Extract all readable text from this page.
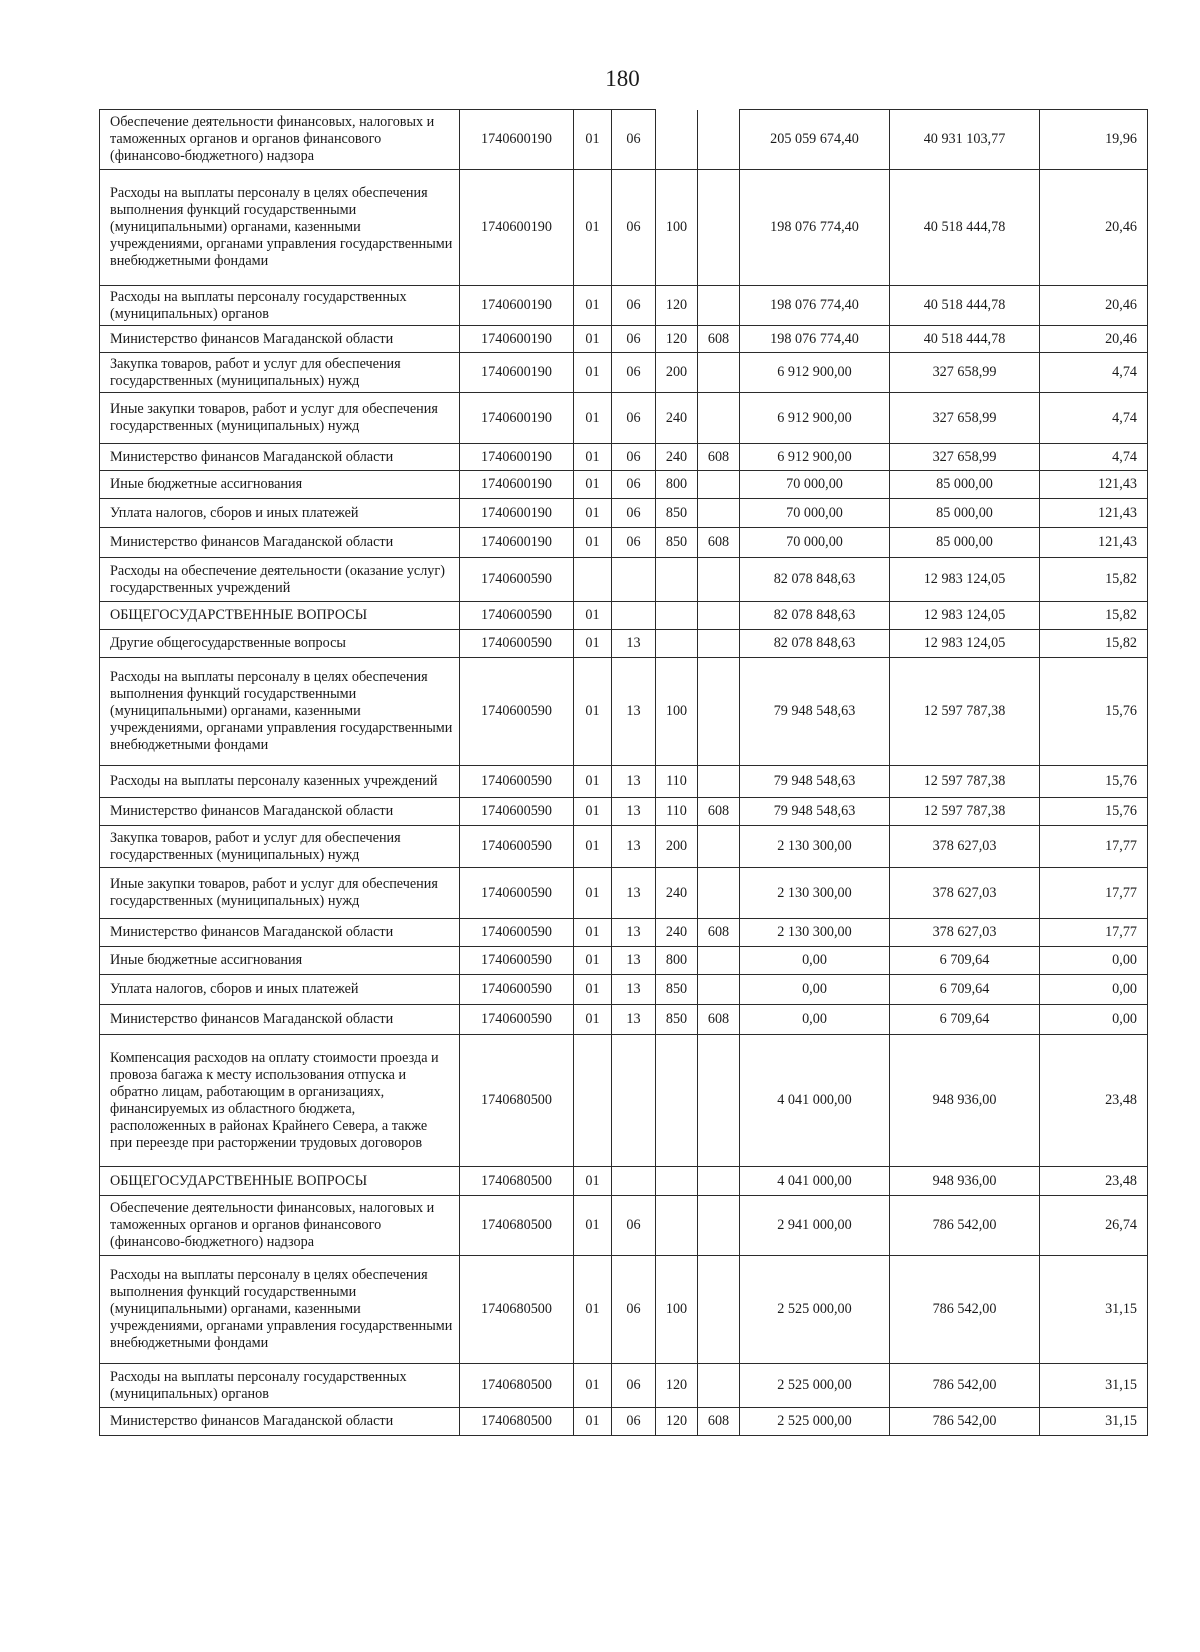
180
Обеспечение деятельности финансовых, налоговых и таможенных органов и органов финансового (финансово-бюджетного) надзора	1740600190	01	06			205 059 674,40	40 931 103,77	19,96
Расходы на выплаты персоналу в целях обеспечения выполнения функций государственными (муниципальными) органами, казенными учреждениями, органами управления государственными внебюджетными фондами	1740600190	01	06	100		198 076 774,40	40 518 444,78	20,46
Расходы на выплаты персоналу государственных (муниципальных) органов	1740600190	01	06	120		198 076 774,40	40 518 444,78	20,46
Министерство финансов Магаданской области	1740600190	01	06	120	608	198 076 774,40	40 518 444,78	20,46
Закупка товаров, работ и услуг для обеспечения государственных (муниципальных) нужд	1740600190	01	06	200		6 912 900,00	327 658,99	4,74
Иные закупки товаров, работ и услуг для обеспечения государственных (муниципальных) нужд	1740600190	01	06	240		6 912 900,00	327 658,99	4,74
Министерство финансов Магаданской области	1740600190	01	06	240	608	6 912 900,00	327 658,99	4,74
Иные бюджетные ассигнования	1740600190	01	06	800		70 000,00	85 000,00	121,43
Уплата налогов, сборов и иных платежей	1740600190	01	06	850		70 000,00	85 000,00	121,43
Министерство финансов Магаданской области	1740600190	01	06	850	608	70 000,00	85 000,00	121,43
Расходы на обеспечение деятельности (оказание услуг) государственных учреждений	1740600590					82 078 848,63	12 983 124,05	15,82
ОБЩЕГОСУДАРСТВЕННЫЕ ВОПРОСЫ	1740600590	01				82 078 848,63	12 983 124,05	15,82
Другие общегосударственные вопросы	1740600590	01	13			82 078 848,63	12 983 124,05	15,82
Расходы на выплаты персоналу в целях обеспечения выполнения функций государственными (муниципальными) органами, казенными учреждениями, органами управления государственными внебюджетными фондами	1740600590	01	13	100		79 948 548,63	12 597 787,38	15,76
Расходы на выплаты персоналу казенных учреждений	1740600590	01	13	110		79 948 548,63	12 597 787,38	15,76
Министерство финансов Магаданской области	1740600590	01	13	110	608	79 948 548,63	12 597 787,38	15,76
Закупка товаров, работ и услуг для обеспечения государственных (муниципальных) нужд	1740600590	01	13	200		2 130 300,00	378 627,03	17,77
Иные закупки товаров, работ и услуг для обеспечения государственных (муниципальных) нужд	1740600590	01	13	240		2 130 300,00	378 627,03	17,77
Министерство финансов Магаданской области	1740600590	01	13	240	608	2 130 300,00	378 627,03	17,77
Иные бюджетные ассигнования	1740600590	01	13	800		0,00	6 709,64	0,00
Уплата налогов, сборов и иных платежей	1740600590	01	13	850		0,00	6 709,64	0,00
Министерство финансов Магаданской области	1740600590	01	13	850	608	0,00	6 709,64	0,00
Компенсация расходов на оплату стоимости проезда и провоза багажа к месту использования отпуска и обратно лицам, работающим в организациях, финансируемых из областного бюджета, расположенных в районах Крайнего Севера, а также при переезде при расторжении трудовых договоров	1740680500					4 041 000,00	948 936,00	23,48
ОБЩЕГОСУДАРСТВЕННЫЕ ВОПРОСЫ	1740680500	01				4 041 000,00	948 936,00	23,48
Обеспечение деятельности финансовых, налоговых и таможенных органов и органов финансового (финансово-бюджетного) надзора	1740680500	01	06			2 941 000,00	786 542,00	26,74
Расходы на выплаты персоналу в целях обеспечения выполнения функций государственными (муниципальными) органами, казенными учреждениями, органами управления государственными внебюджетными фондами	1740680500	01	06	100		2 525 000,00	786 542,00	31,15
Расходы на выплаты персоналу государственных (муниципальных) органов	1740680500	01	06	120		2 525 000,00	786 542,00	31,15
Министерство финансов Магаданской области	1740680500	01	06	120	608	2 525 000,00	786 542,00	31,15
